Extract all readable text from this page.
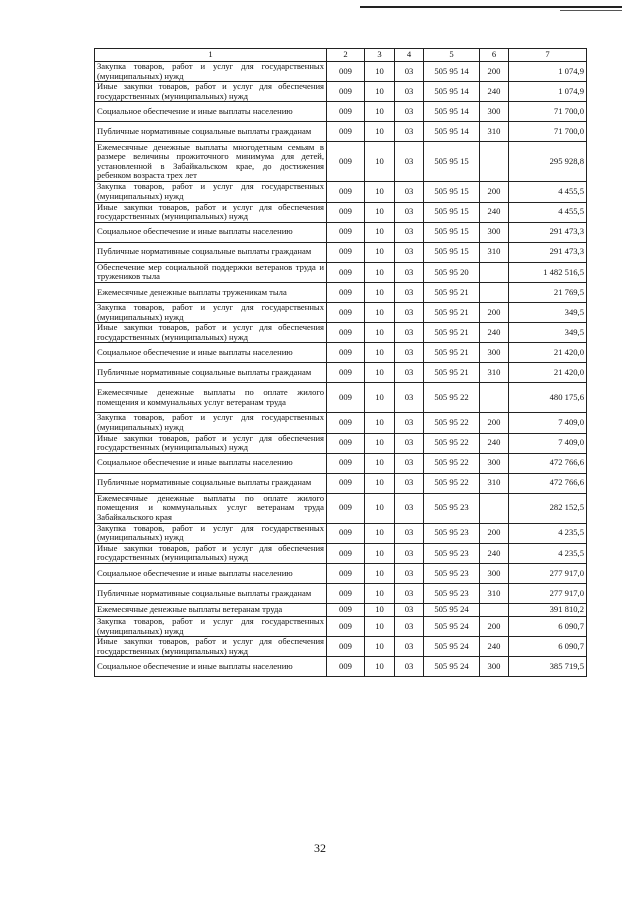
1	2	3	4	5	6	7
Закупка товаров, работ и услуг для государственных (муниципальных) нужд	009	10	03	505 95 14	200	1 074,9
Иные закупки товаров, работ и услуг для обеспечения государственных (муниципальных) нужд	009	10	03	505 95 14	240	1 074,9
Социальное обеспечение и иные выплаты населению	009	10	03	505 95 14	300	71 700,0
Публичные нормативные социальные выплаты гражданам	009	10	03	505 95 14	310	71 700,0
Ежемесячные денежные выплаты многодетным семьям в размере величины прожиточного минимума для детей, установленной в Забайкальском крае, до достижения ребенком возраста трех лет	009	10	03	505 95 15		295 928,8
Закупка товаров, работ и услуг для государственных (муниципальных) нужд	009	10	03	505 95 15	200	4 455,5
Иные закупки товаров, работ и услуг для обеспечения государственных (муниципальных) нужд	009	10	03	505 95 15	240	4 455,5
Социальное обеспечение и иные выплаты населению	009	10	03	505 95 15	300	291 473,3
Публичные нормативные социальные выплаты гражданам	009	10	03	505 95 15	310	291 473,3
Обеспечение мер социальной поддержки ветеранов труда и тружеников тыла	009	10	03	505 95 20		1 482 516,5
Ежемесячные денежные выплаты труженикам тыла	009	10	03	505 95 21		21 769,5
Закупка товаров, работ и услуг для государственных (муниципальных) нужд	009	10	03	505 95 21	200	349,5
Иные закупки товаров, работ и услуг для обеспечения государственных (муниципальных) нужд	009	10	03	505 95 21	240	349,5
Социальное обеспечение и иные выплаты населению	009	10	03	505 95 21	300	21 420,0
Публичные нормативные социальные выплаты гражданам	009	10	03	505 95 21	310	21 420,0
Ежемесячные денежные выплаты по оплате жилого помещения и коммунальных услуг ветеранам труда	009	10	03	505 95 22		480 175,6
Закупка товаров, работ и услуг для государственных (муниципальных) нужд	009	10	03	505 95 22	200	7 409,0
Иные закупки товаров, работ и услуг для обеспечения государственных (муниципальных) нужд	009	10	03	505 95 22	240	7 409,0
Социальное обеспечение и иные выплаты населению	009	10	03	505 95 22	300	472 766,6
Публичные нормативные социальные выплаты гражданам	009	10	03	505 95 22	310	472 766,6
Ежемесячные денежные выплаты по оплате жилого помещения и коммунальных услуг ветеранам труда Забайкальского края	009	10	03	505 95 23		282 152,5
Закупка товаров, работ и услуг для государственных (муниципальных) нужд	009	10	03	505 95 23	200	4 235,5
Иные закупки товаров, работ и услуг для обеспечения государственных (муниципальных) нужд	009	10	03	505 95 23	240	4 235,5
Социальное обеспечение и иные выплаты населению	009	10	03	505 95 23	300	277 917,0
Публичные нормативные социальные выплаты гражданам	009	10	03	505 95 23	310	277 917,0
Ежемесячные денежные выплаты ветеранам труда	009	10	03	505 95 24		391 810,2
Закупка товаров, работ и услуг для государственных (муниципальных) нужд	009	10	03	505 95 24	200	6 090,7
Иные закупки товаров, работ и услуг для обеспечения государственных (муниципальных) нужд	009	10	03	505 95 24	240	6 090,7
Социальное обеспечение и иные выплаты населению	009	10	03	505 95 24	300	385 719,5
32
